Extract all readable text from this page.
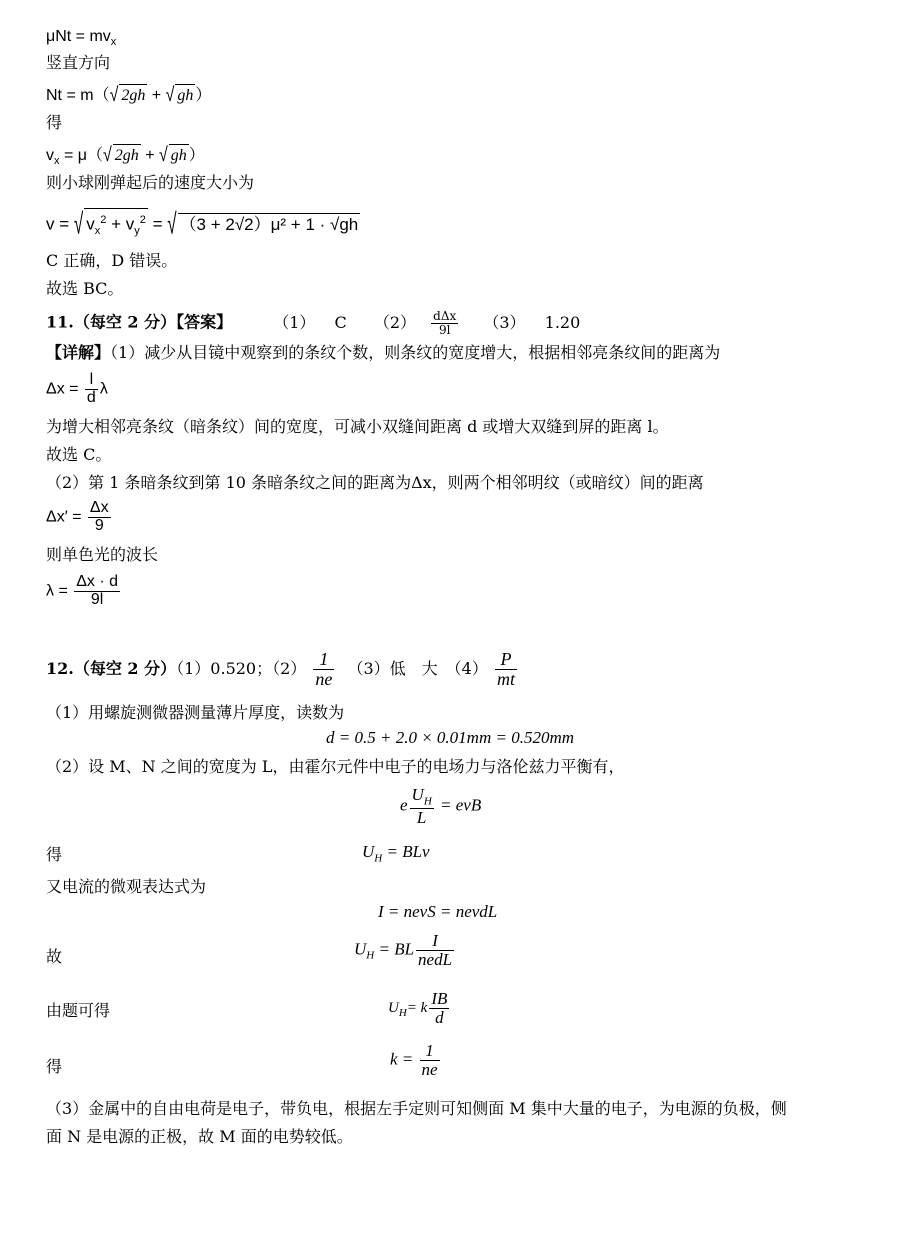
$\mu Nt = mv_x$
竖直方向
Nt = m（√ 2gh + √ gh ）
得
$v_x = \mu(√$ 2gh + √ gh ）
则小球刚弹起后的速度大小为
v = √ $v_x^2 + v_y^2$ = √ （3 + 2√2）μ² + 1 · √gh
C 正确，D 错误。
故选 BC。
11.（每空 2 分）【答案】	（1） C $(2) \frac{\text{dΔx}}{9l} (3)$ 1.20
【详解】（1）减少从目镜中观察到的条纹个数，则条纹的宽度增大，根据相邻亮条纹间的距离为
$\Delta x = \frac{l}{d}$ λ
为增大相邻亮条纹（暗条纹）间的宽度，可减小双缝间距离 d 或增大双缝到屏的距离 l。
故选 C。
（2）第 1 条暗条纹到第 10 条暗条纹之间的距离为Δx，则两个相邻明纹（或暗纹）间的距离
$\Delta x' = \frac{\Delta x}{9}$
则单色光的波长
$\lambda = \frac{\Delta x \cdot d}{9l}$
12.（每空 2 分）（1）0.520；$(2) \frac{1}{ne} (3)$低　大　$(4) \frac{P}{mt}$
（1）用螺旋测微器测量薄片厚度，读数为
d = 0.5 + 2.0 × 0.01mm = 0.520mm
（2）设 M、N 之间的宽度为 L，由霍尔元件中电子的电场力与洛伦兹力平衡有，
e $\frac{U_H}{L}$ = evB
得	$U_H$ = BLv
又电流的微观表达式为
I = nevS = nevdL
故	$U_H$ = BL $\frac{I}{\text{nedL}}$
由题可得	$U_H= k \frac{IB}{d}$
得	$k = \frac{1}{ne}$
（3）金属中的自由电荷是电子，带负电，根据左手定则可知侧面 M 集中大量的电子，为电源的负极，侧
面 N 是电源的正极，故 M 面的电势较低。
